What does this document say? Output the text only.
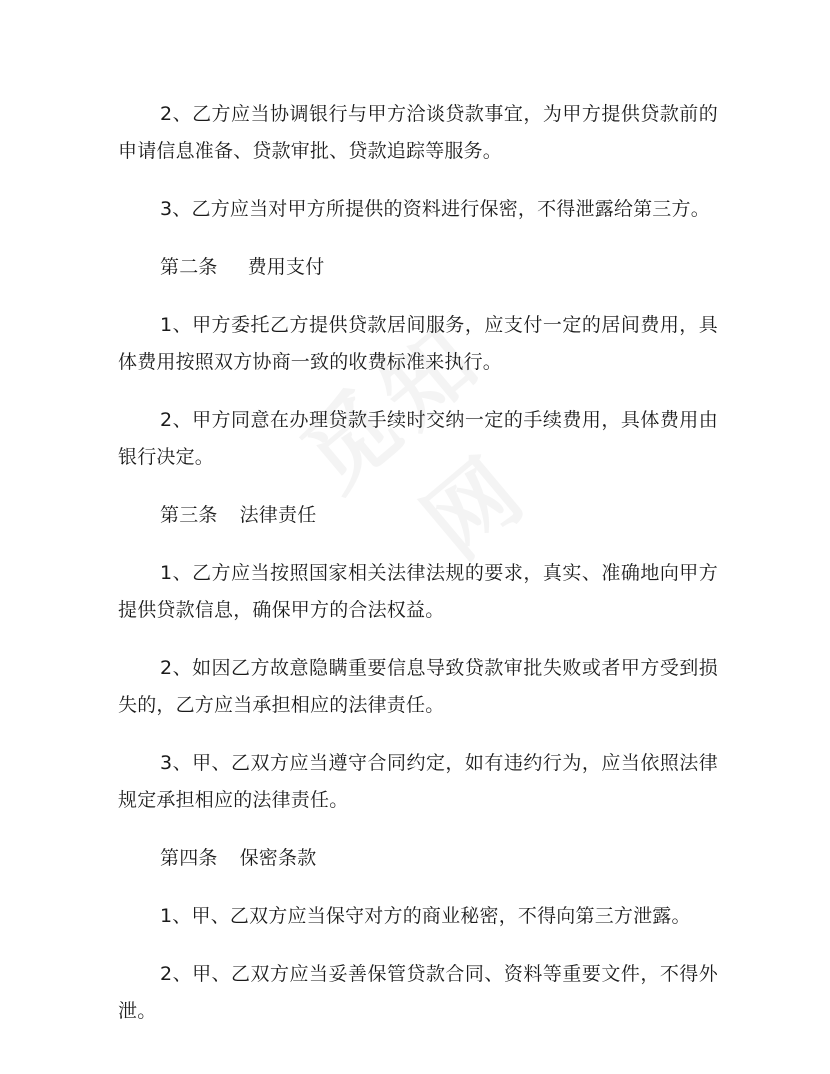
2、乙方应当协调银行与甲方洽谈贷款事宜，为甲方提供贷款前的申请信息准备、贷款审批、贷款追踪等服务。

3、乙方应当对甲方所提供的资料进行保密，不得泄露给第三方。

第二条 费用支付

1、甲方委托乙方提供贷款居间服务，应支付一定的居间费用，具体费用按照双方协商一致的收费标准来执行。

2、甲方同意在办理贷款手续时交纳一定的手续费用，具体费用由银行决定。

第三条 法律责任

1、乙方应当按照国家相关法律法规的要求，真实、准确地向甲方提供贷款信息，确保甲方的合法权益。

2、如因乙方故意隐瞒重要信息导致贷款审批失败或者甲方受到损失的，乙方应当承担相应的法律责任。

3、甲、乙双方应当遵守合同约定，如有违约行为，应当依照法律规定承担相应的法律责任。

第四条 保密条款

1、甲、乙双方应当保守对方的商业秘密，不得向第三方泄露。

2、甲、乙双方应当妥善保管贷款合同、资料等重要文件，不得外泄。
